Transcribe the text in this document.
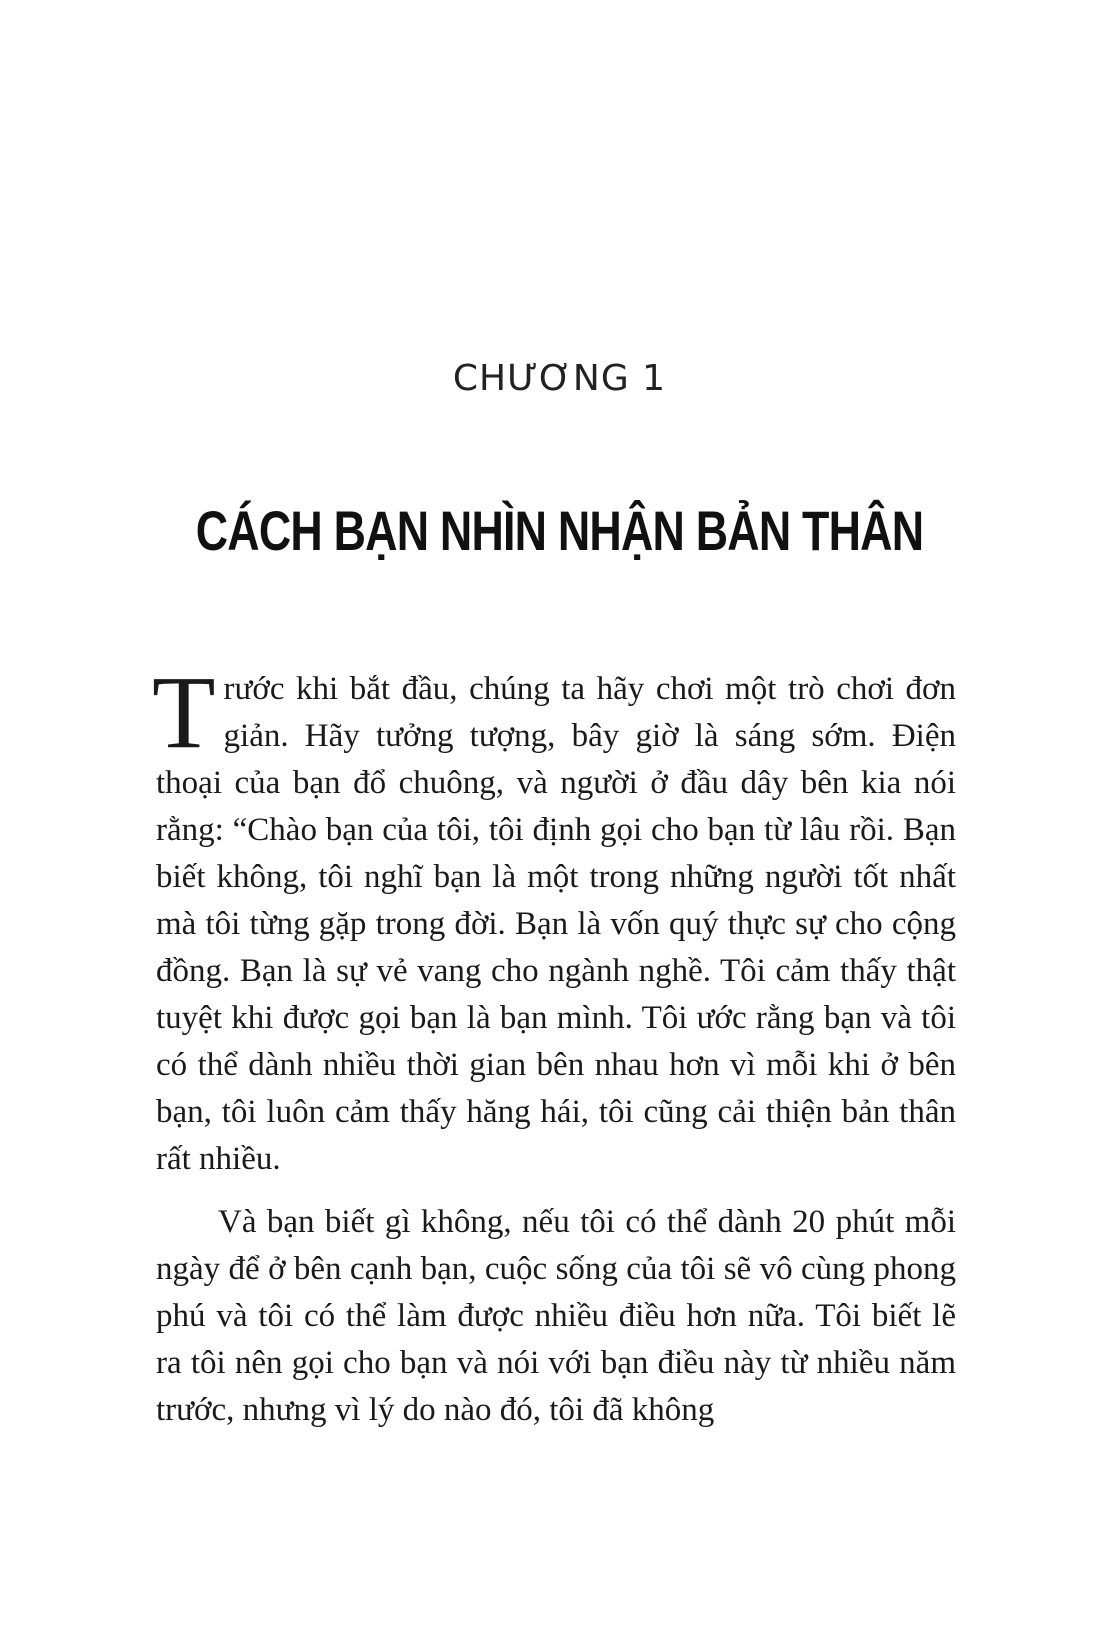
CHƯƠNG 1
CÁCH BẠN NHÌN NHẬN BẢN THÂN

Trước khi bắt đầu, chúng ta hãy chơi một trò chơi đơn giản. Hãy tưởng tượng, bây giờ là sáng sớm. Điện thoại của bạn đổ chuông, và người ở đầu dây bên kia nói rằng: “Chào bạn của tôi, tôi định gọi cho bạn từ lâu rồi. Bạn biết không, tôi nghĩ bạn là một trong những người tốt nhất mà tôi từng gặp trong đời. Bạn là vốn quý thực sự cho cộng đồng. Bạn là sự vẻ vang cho ngành nghề. Tôi cảm thấy thật tuyệt khi được gọi bạn là bạn mình. Tôi ước rằng bạn và tôi có thể dành nhiều thời gian bên nhau hơn vì mỗi khi ở bên bạn, tôi luôn cảm thấy hăng hái, tôi cũng cải thiện bản thân rất nhiều.

Và bạn biết gì không, nếu tôi có thể dành 20 phút mỗi ngày để ở bên cạnh bạn, cuộc sống của tôi sẽ vô cùng phong phú và tôi có thể làm được nhiều điều hơn nữa. Tôi biết lẽ ra tôi nên gọi cho bạn và nói với bạn điều này từ nhiều năm trước, nhưng vì lý do nào đó, tôi đã không
